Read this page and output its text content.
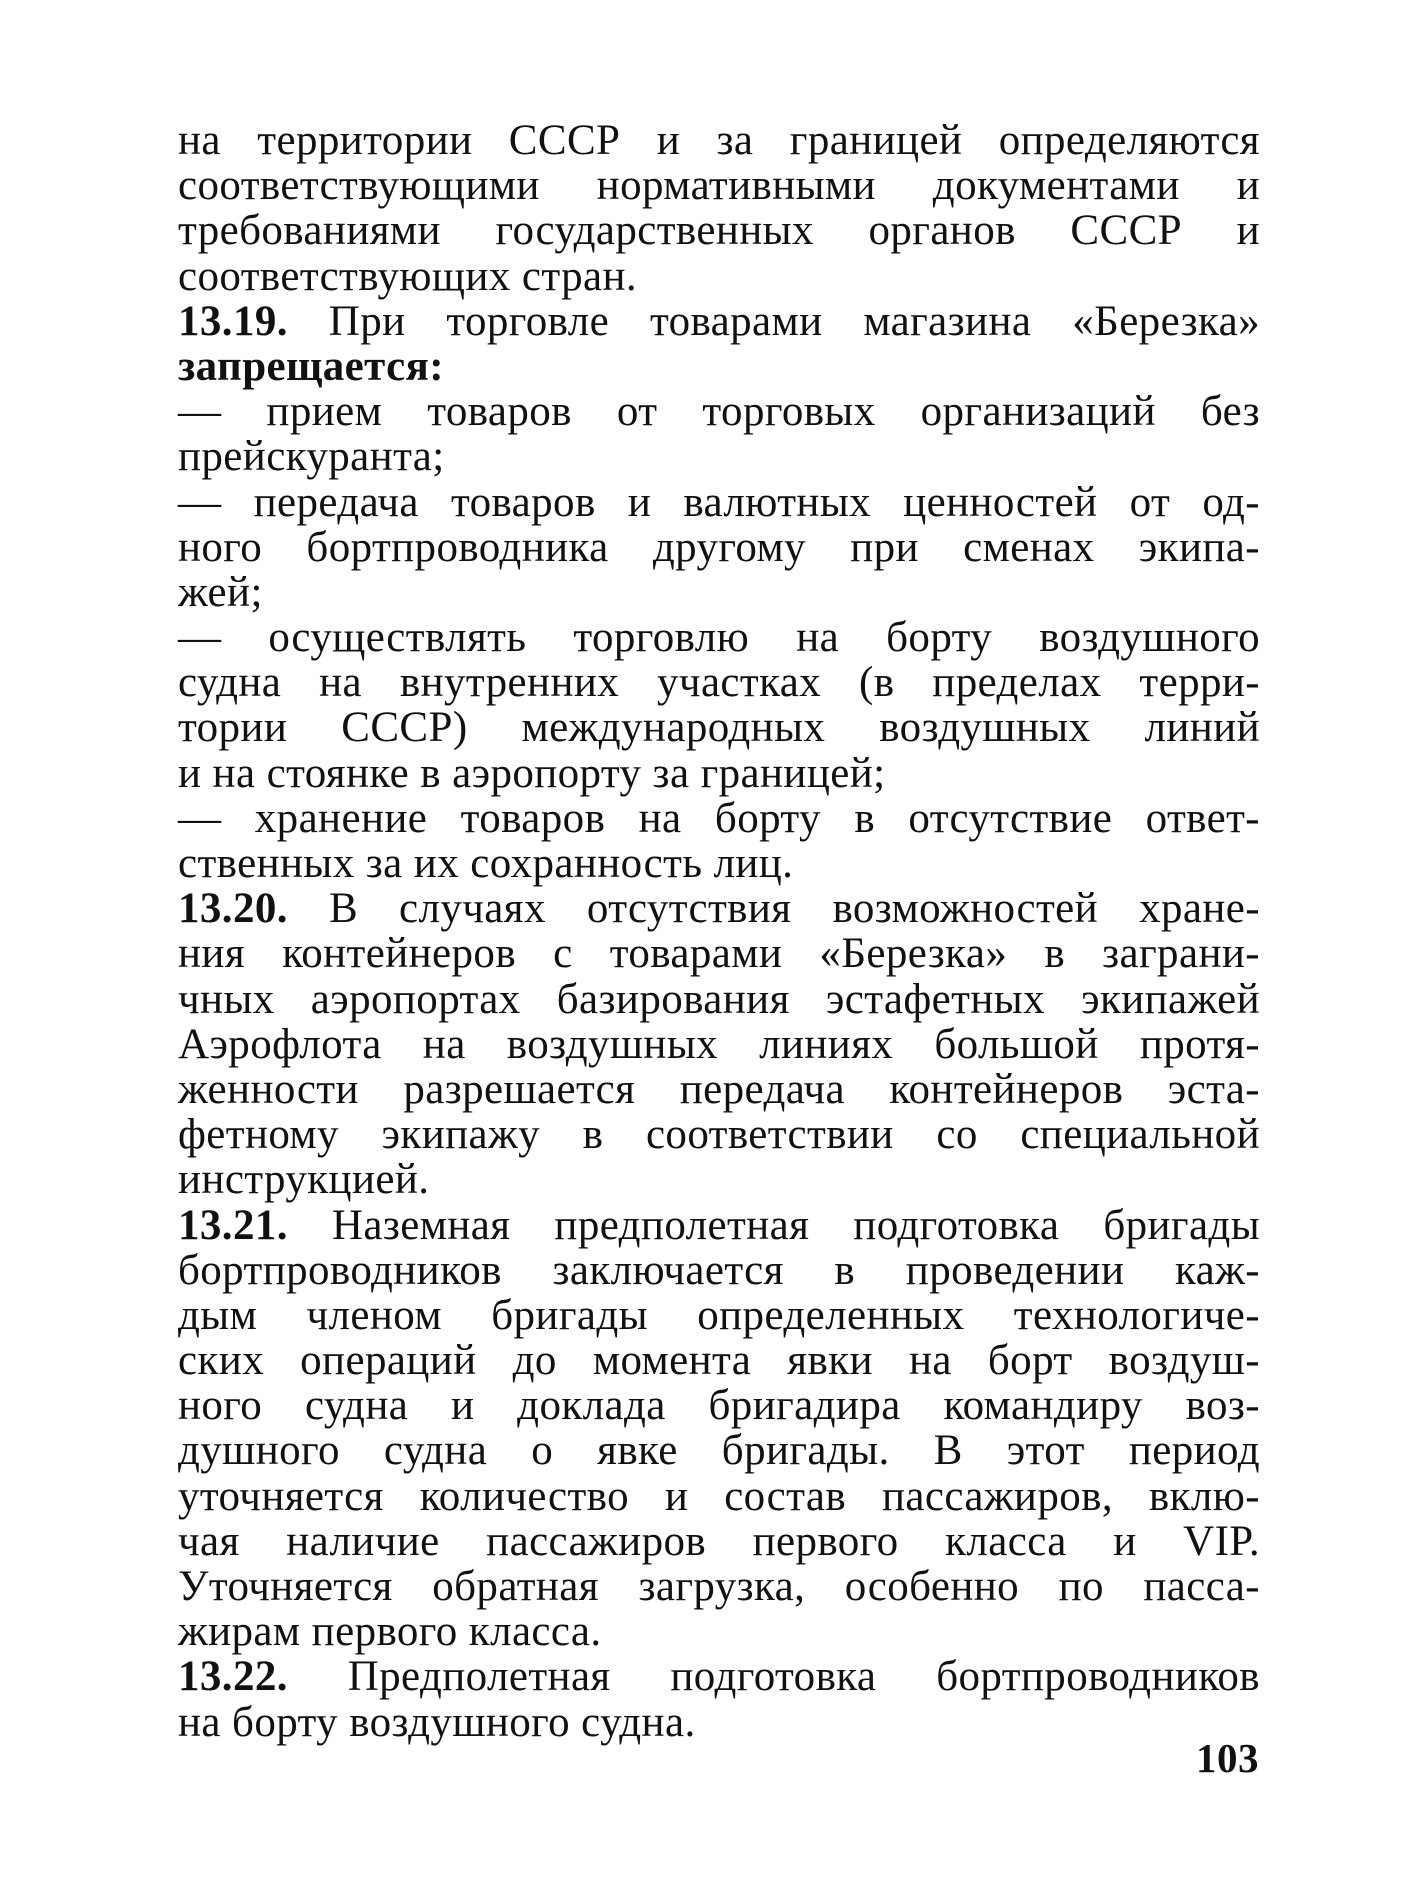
на территории СССР и за границей определяются
соответствующими нормативными документами и
требованиями государственных органов СССР и
соответствующих стран.
13.19. При торговле товарами магазина «Березка»
запрещается:
— прием товаров от торговых организаций без
прейскуранта;
— передача товаров и валютных ценностей от од-
ного бортпроводника другому при сменах экипа-
жей;
— осуществлять торговлю на борту воздушного
судна на внутренних участках (в пределах терри-
тории СССР) международных воздушных линий
и на стоянке в аэропорту за границей;
— хранение товаров на борту в отсутствие ответ-
ственных за их сохранность лиц.
13.20. В случаях отсутствия возможностей хране-
ния контейнеров с товарами «Березка» в заграни-
чных аэропортах базирования эстафетных экипажей
Аэрофлота на воздушных линиях большой протя-
женности разрешается передача контейнеров эста-
фетному экипажу в соответствии со специальной
инструкцией.
13.21. Наземная предполетная подготовка бригады
бортпроводников заключается в проведении каж-
дым членом бригады определенных технологиче-
ских операций до момента явки на борт воздуш-
ного судна и доклада бригадира командиру воз-
душного судна о явке бригады. В этот период
уточняется количество и состав пассажиров, вклю-
чая наличие пассажиров первого класса и VIP.
Уточняется обратная загрузка, особенно по пасса-
жирам первого класса.
13.22. Предполетная подготовка бортпроводников
на борту воздушного судна.
103
